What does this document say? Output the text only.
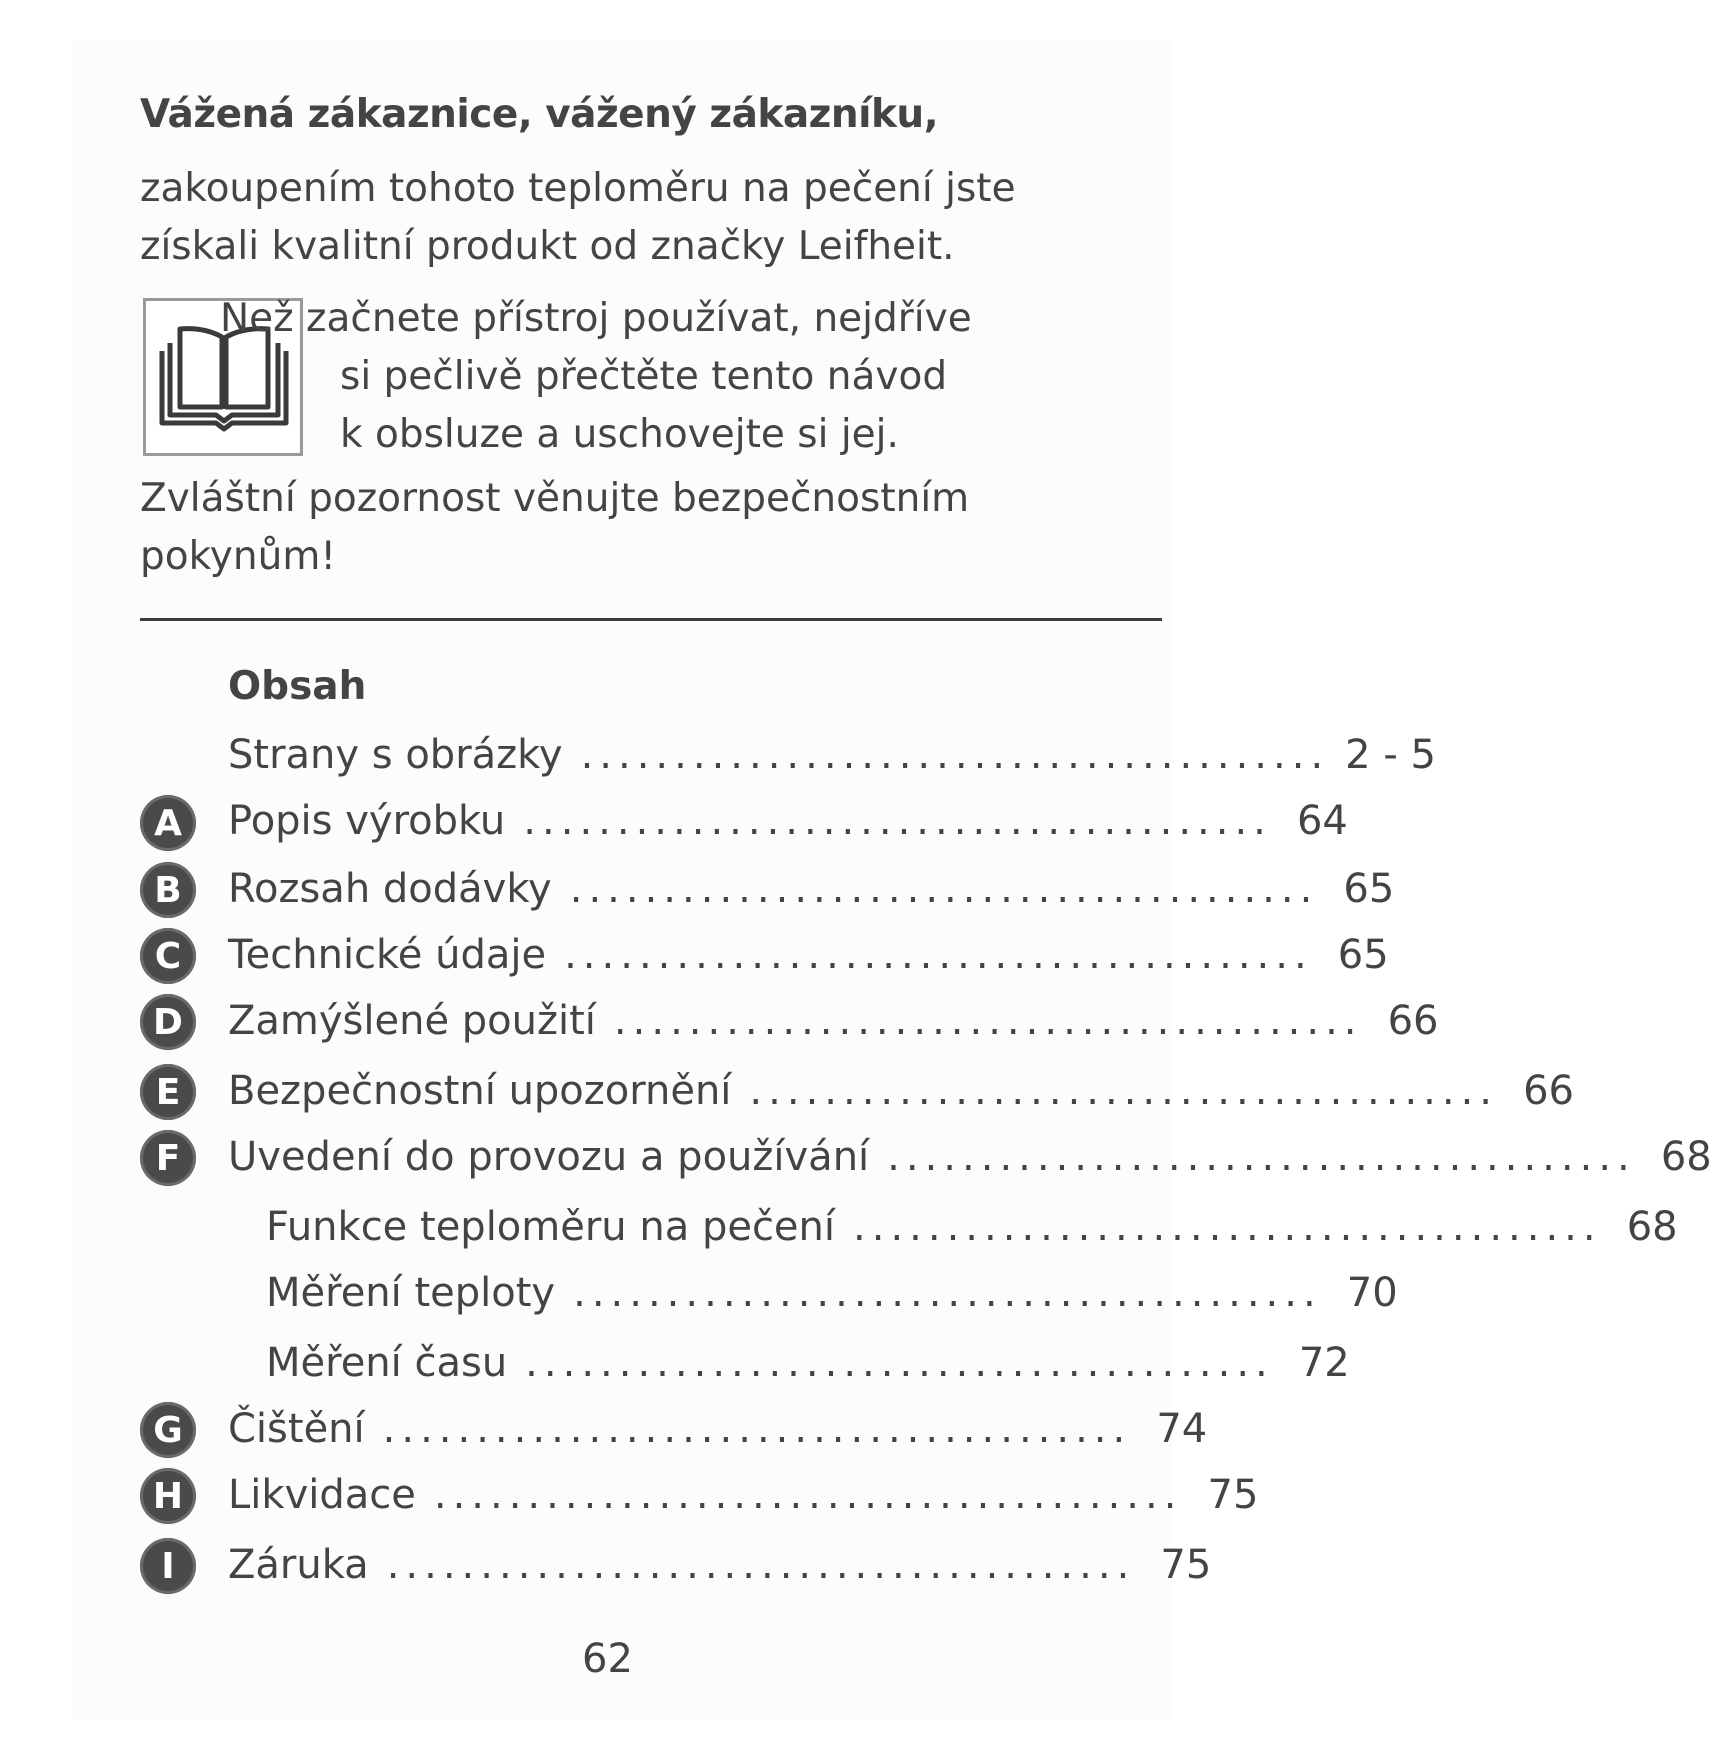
Vážená zákaznice, vážený zákazníku,
zakoupením tohoto teploměru na pečení jste
získali kvalitní produkt od značky Leifheit.
Než začnete přístroj používat, nejdříve
si pečlivě přečtěte tento návod
k obsluze a uschovejte si jej.
Zvláštní pozornost věnujte bezpečnostním
pokynům!
Obsah
Strany s obrázky ........................................ 2 - 5
A	Popis výrobku ........................................ 64
B	Rozsah dodávky ........................................ 65
C	Technické údaje ........................................ 65
D	Zamýšlené použití ........................................ 66
E	Bezpečnostní upozornění ........................................ 66
F	Uvedení do provozu a používání ........................................ 68
Funkce teploměru na pečení ........................................ 68
Měření teploty ........................................ 70
Měření času ........................................ 72
G	Čištění ........................................ 74
H	Likvidace ........................................ 75
I	Záruka ........................................ 75
62
